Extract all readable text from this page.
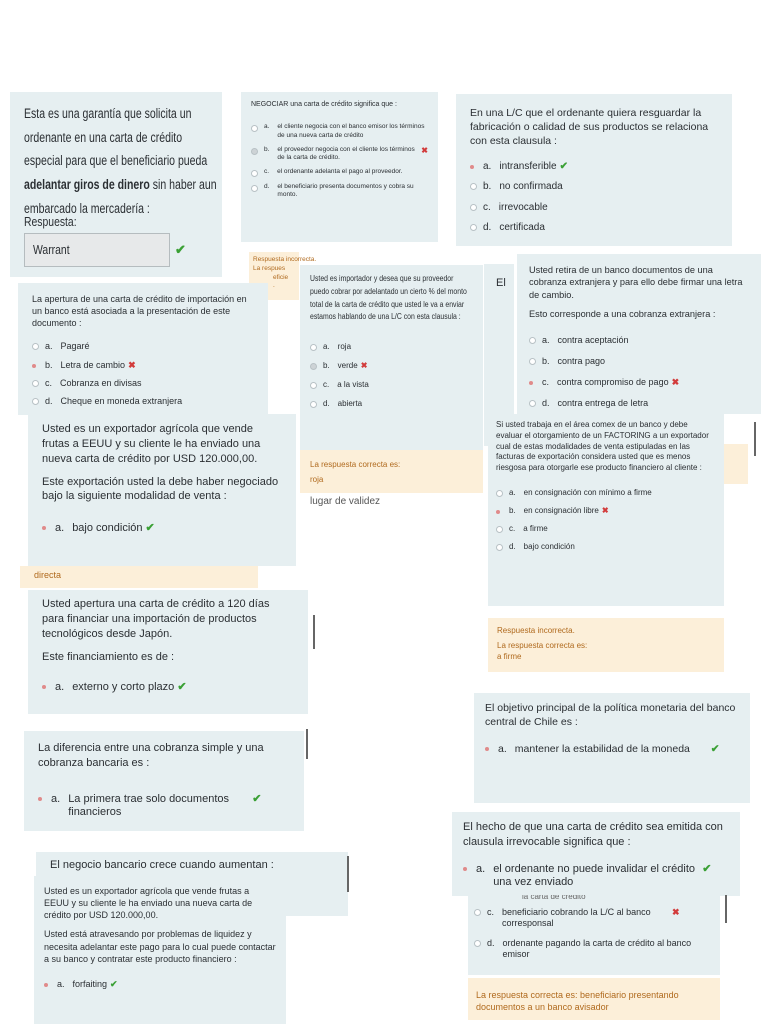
Esta es una garantía que solicita un ordenante en una carta de crédito especial para que el beneficiario pueda adelantar giros de dinero sin haber aun embarcado la mercadería :

Respuesta:
Warrant	✔

NEGOCIAR una carta de crédito significa que :

a. el cliente negocia con el banco emisor los términos de una nueva carta de crédito
b. el proveedor negocia con el cliente los términos de la carta de crédito.
✖
c. el ordenante adelanta el pago al proveedor.
d. el beneficiario presenta documentos y cobra su monto.
Respuesta incorrecta.
La respues
eficie
.

En una L/C que el ordenante quiera resguardar la fabricación o calidad de sus productos se relaciona con esta clausula :

a. intransferible ✔
b. no confirmada
c. irrevocable
d. certificada

Usted es importador y desea que su proveedor puedo cobrar por adelantado un cierto % del monto total de la carta de crédito que usted le va a enviar estamos hablando de una L/C con esta clausula :

a. roja
b. verde ✖
c. a la vista
d. abierta
La respuesta correcta es:
roja
lugar de validez
El

Usted retira de un banco documentos de una cobranza extranjera y para ello debe firmar una letra de cambio.

Esto corresponde a una cobranza extranjera :

a. contra aceptación
b. contra pago
c. contra compromiso de pago ✖
d. contra entrega de letra

La apertura de una carta de crédito de importación en un banco está asociada a la presentación de este documento :

a. Pagaré
b. Letra de cambio ✖
c. Cobranza en divisas
d. Cheque en moneda extranjera

Usted es un exportador agrícola que vende frutas a EEUU y su cliente le ha enviado una nueva carta de crédito por USD 120.000,00.

Este exportación usted la debe haber negociado bajo la siguiente modalidad de venta :

a. bajo condición ✔
directa

Si usted trabaja en el área comex de un banco y debe evaluar el otorgamiento de un FACTORING a un exportador cual de estas modalidades de venta estipuladas en las facturas de exportación considera usted que es menos riesgosa para otorgarle ese producto financiero al cliente :

a. en consignación con mínimo a firme
b. en consignación libre ✖
c. a firme
d. bajo condición
Respuesta incorrecta.
La respuesta correcta es:
a firme

Usted apertura una carta de crédito a 120 días para financiar una importación de productos tecnológicos desde Japón.

Este financiamiento es de :

a. externo y corto plazo ✔

El objetivo principal de la política monetaria del banco central de Chile es :

a. mantener la estabilidad de la moneda	✔

La diferencia entre una cobranza simple y una cobranza bancaria es :

a. La primera trae solo documentos financieros
✔

El hecho de que una carta de crédito sea emitida con clausula irrevocable significa que :

a. el ordenante no puede invalidar el crédito una vez enviado
✔
la carta de crédito
c. beneficiario cobrando la L/C al banco corresponsal
✖
d. ordenante pagando la carta de crédito al banco emisor
La respuesta correcta es: beneficiario presentando documentos a un banco avisador

El negocio bancario crece cuando aumentan :

Usted es un exportador agrícola que vende frutas a EEUU y su cliente le ha enviado una nueva carta de crédito por USD 120.000,00.

Usted está atravesando por problemas de liquidez y necesita adelantar este pago para lo cual puede contactar a su banco y contratar este producto financiero :

a. forfaiting ✔
